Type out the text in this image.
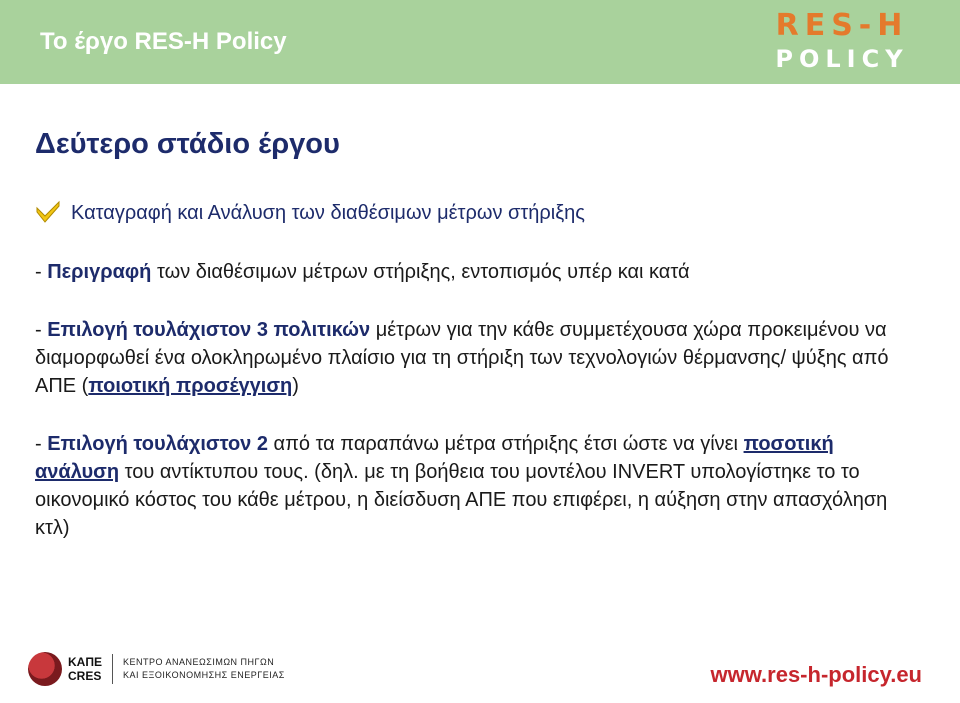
Το έργο RES-H Policy	RES-H
POLICY
Δεύτερο στάδιο έργου
Καταγραφή και Ανάλυση των διαθέσιμων μέτρων στήριξης
- Περιγραφή των διαθέσιμων μέτρων στήριξης, εντοπισμός υπέρ και κατά
- Επιλογή τουλάχιστον 3 πολιτικών μέτρων για την κάθε συμμετέχουσα χώρα προκειμένου να διαμορφωθεί ένα ολοκληρωμένο πλαίσιο για τη στήριξη των τεχνολογιών θέρμανσης/ ψύξης από ΑΠΕ (ποιοτική προσέγγιση)
- Επιλογή τουλάχιστον 2 από τα παραπάνω μέτρα στήριξης έτσι ώστε να γίνει ποσοτική ανάλυση του αντίκτυπου τους. (δηλ. με τη βοήθεια του μοντέλου INVERT υπολογίστηκε το το οικονομικό κόστος του κάθε μέτρου, η διείσδυση ΑΠΕ που επιφέρει, η αύξηση στην απασχόληση κτλ)
ΚΑΠΕ
CRES
ΚΕΝΤΡΟ ΑΝΑΝΕΩΣΙΜΩΝ ΠΗΓΩΝ
ΚΑΙ ΕΞΟΙΚΟΝΟΜΗΣΗΣ ΕΝΕΡΓΕΙΑΣ	www.res-h-policy.eu
